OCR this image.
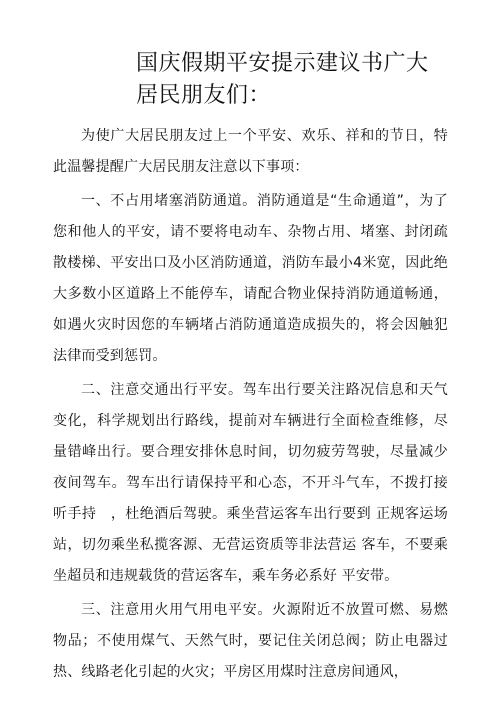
国庆假期平安提示建议书广大居民朋友们：

为使广大居民朋友过上一个平安、欢乐、祥和的节日，特此温馨提醒广大居民朋友注意以下事项：

一、不占用堵塞消防通道。消防通道是“生命通道”，为了您和他人的平安，请不要将电动车、杂物占用、堵塞、封闭疏散楼梯、平安出口及小区消防通道，消防车最小4米宽，因此绝大多数小区道路上不能停车，请配合物业保持消防通道畅通，如遇火灾时因您的车辆堵占消防通道造成损失的，将会因触犯法律而受到惩罚。

二、注意交通出行平安。驾车出行要关注路况信息和天气变化，科学规划出行路线，提前对车辆进行全面检查维修，尽量错峰出行。要合理安排休息时间，切勿疲劳驾驶，尽量减少夜间驾车。驾车出行请保持平和心态，不开斗气车，不拨打接听手持　，杜绝酒后驾驶。乘坐营运客车出行要到 正规客运场站，切勿乘坐私揽客源、无营运资质等非法营运 客车，不要乘坐超员和违规载货的营运客车，乘车务必系好 平安带。

三、注意用火用气用电平安。火源附近不放置可燃、易燃物品；不使用煤气、天然气时，要记住关闭总阀；防止电器过热、线路老化引起的火灾；平房区用煤时注意房间通风，
